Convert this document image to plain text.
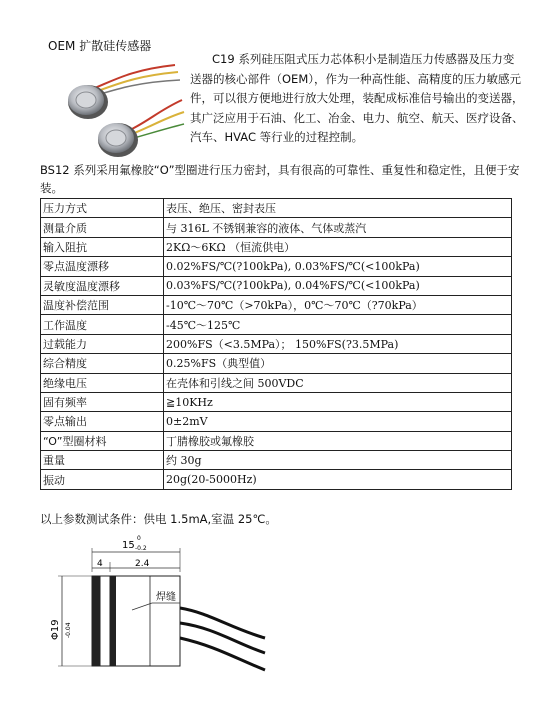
OEM 扩散硅传感器
C19 系列硅压阻式压力芯体积小是制造压力传感器及压力变送器的核心部件（OEM），作为一种高性能、高精度的压力敏感元件，可以很方便地进行放大处理，装配成标准信号输出的变送器，其广泛应用于石油、化工、冶金、电力、航空、航天、医疗设备、汽车、HVAC 等行业的过程控制。
BS12 系列采用氟橡胶“O”型圈进行压力密封，具有很高的可靠性、重复性和稳定性，且便于安装。
压力方式	表压、绝压、密封表压
测量介质	与 316L 不锈钢兼容的液体、气体或蒸汽
输入阻抗	2KΩ～6KΩ （恒流供电）
零点温度漂移	0.02%FS/℃(?100kPa), 0.03%FS/℃(<100kPa)
灵敏度温度漂移	0.03%FS/℃(?100kPa), 0.04%FS/℃(<100kPa)
温度补偿范围	-10℃～70℃（>70kPa），0℃～70℃（?70kPa）
工作温度	-45℃～125℃
过载能力	200%FS（<3.5MPa）； 150%FS(?3.5MPa)
综合精度	0.25%FS（典型值）
绝缘电压	在壳体和引线之间 500VDC
固有频率	≧10KHz
零点输出	0±2mV
“O”型圈材料	丁腈橡胶或氟橡胶
重量	约 30g
振动	20g(20-5000Hz)
以上参数测试条件：供电 1.5mA,室温 25℃。
15
0
-0.2
4	2.4
焊缝
Φ19 -0.04
